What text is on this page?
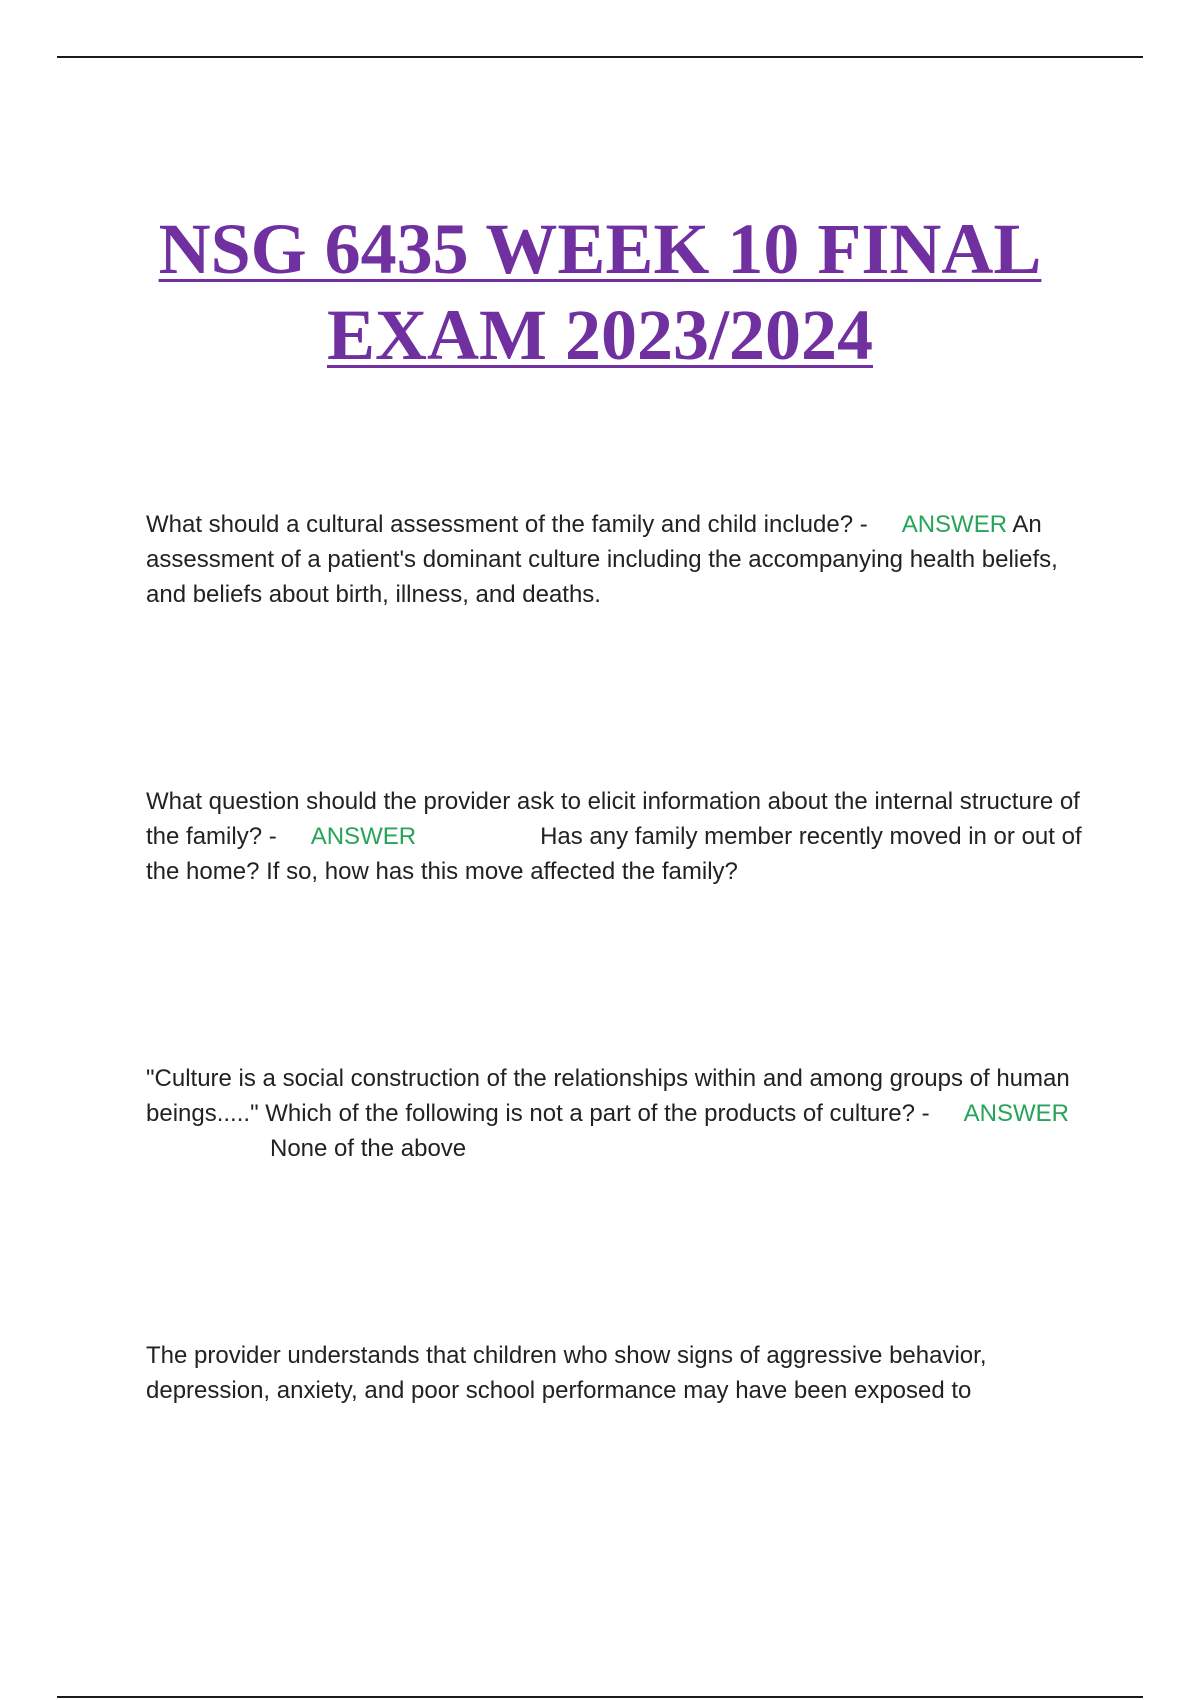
NSG 6435 WEEK 10 FINAL
EXAM 2023/2024

What should a cultural assessment of the family and child include? - ANSWER An assessment of a patient's dominant culture including the accompanying health beliefs, and beliefs about birth, illness, and deaths.

What question should the provider ask to elicit information about the internal structure of the family? - ANSWER	Has any family member recently moved in or out of the home? If so, how has this move affected the family?

"Culture is a social construction of the relationships within and among groups of human beings....." Which of the following is not a part of the products of culture? - ANSWERNone of the above

The provider understands that children who show signs of aggressive behavior, depression, anxiety, and poor school performance may have been exposed to
